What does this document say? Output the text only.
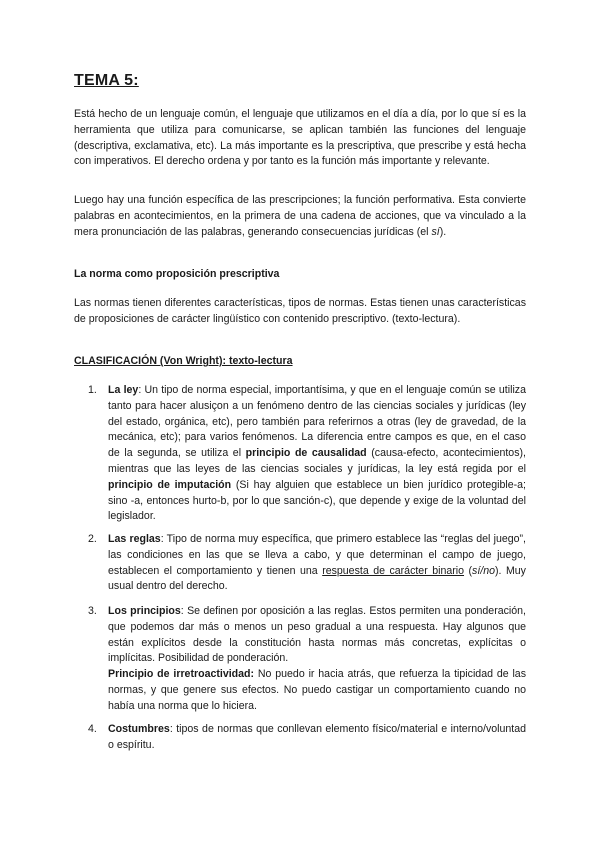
TEMA 5:

Está hecho de un lenguaje común, el lenguaje que utilizamos en el día a día, por lo que sí es la herramienta que utiliza para comunicarse, se aplican también las funciones del lenguaje (descriptiva, exclamativa, etc). La más importante es la prescriptiva, que prescribe y está hecha con imperativos. El derecho ordena y por tanto es la función más importante y relevante.

Luego hay una función específica de las prescripciones; la función performativa. Esta convierte palabras en acontecimientos, en la primera de una cadena de acciones, que va vinculado a la mera pronunciación de las palabras, generando consecuencias jurídicas (el sí).

La norma como proposición prescriptiva

Las normas tienen diferentes características, tipos de normas. Estas tienen unas características de proposiciones de carácter lingüístico con contenido prescriptivo. (texto-lectura).

CLASIFICACIÓN (Von Wright): texto-lectura

1. La ley: Un tipo de norma especial, importantísima, y que en el lenguaje común se utiliza tanto para hacer alusiçon a un fenómeno dentro de las ciencias sociales y jurídicas (ley del estado, orgánica, etc), pero también para referirnos a otras (ley de gravedad, de la mecánica, etc); para varios fenómenos. La diferencia entre campos es que, en el caso de la segunda, se utiliza el principio de causalidad (causa-efecto, acontecimientos), mientras que las leyes de las ciencias sociales y jurídicas, la ley está regida por el principio de imputación (Si hay alguien que establece un bien jurídico protegible-a; sino -a, entonces hurto-b, por lo que sanción-c), que depende y exige de la voluntad del legislador.
2. Las reglas: Tipo de norma muy específica, que primero establece las “reglas del juego”, las condiciones en las que se lleva a cabo, y que determinan el campo de juego, establecen el comportamiento y tienen una respuesta de carácter binario (sí/no). Muy usual dentro del derecho.
3. Los principios: Se definen por oposición a las reglas. Estos permiten una ponderación, que podemos dar más o menos un peso gradual a una respuesta. Hay algunos que están explícitos desde la constitución hasta normas más concretas, explícitas o implícitas. Posibilidad de ponderación.
Principio de irretroactividad: No puedo ir hacia atrás, que refuerza la tipicidad de las normas, y que genere sus efectos. No puedo castigar un comportamiento cuando no había una norma que lo hiciera.
4. Costumbres: tipos de normas que conllevan elemento físico/material e interno/voluntad o espíritu.
